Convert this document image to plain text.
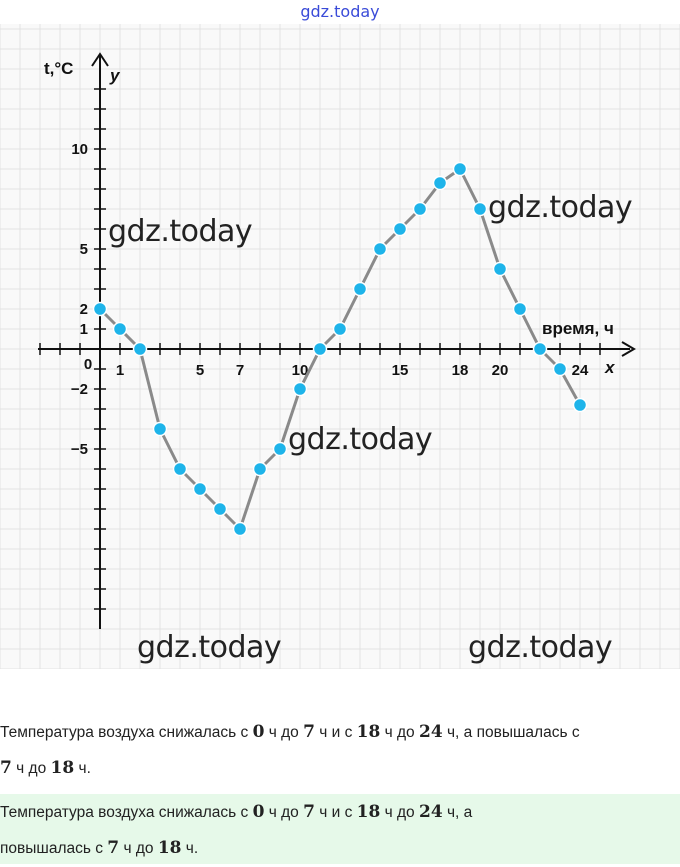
gdz.today
0 1	5 7	10	15	18 20	24
10
5
2
1
−2
−5
t,°C y
время, ч
x
gdz.today
gdz.today
gdz.today
gdz.today	gdz.today
Температура воздуха снижалась с 0 ч до 7 ч и с 18 ч до 24 ч, а повышалась с
7 ч до 18 ч.
Температура воздуха снижалась с 0 ч до 7 ч и с 18 ч до 24 ч, а
повышалась с 7 ч до 18 ч.
